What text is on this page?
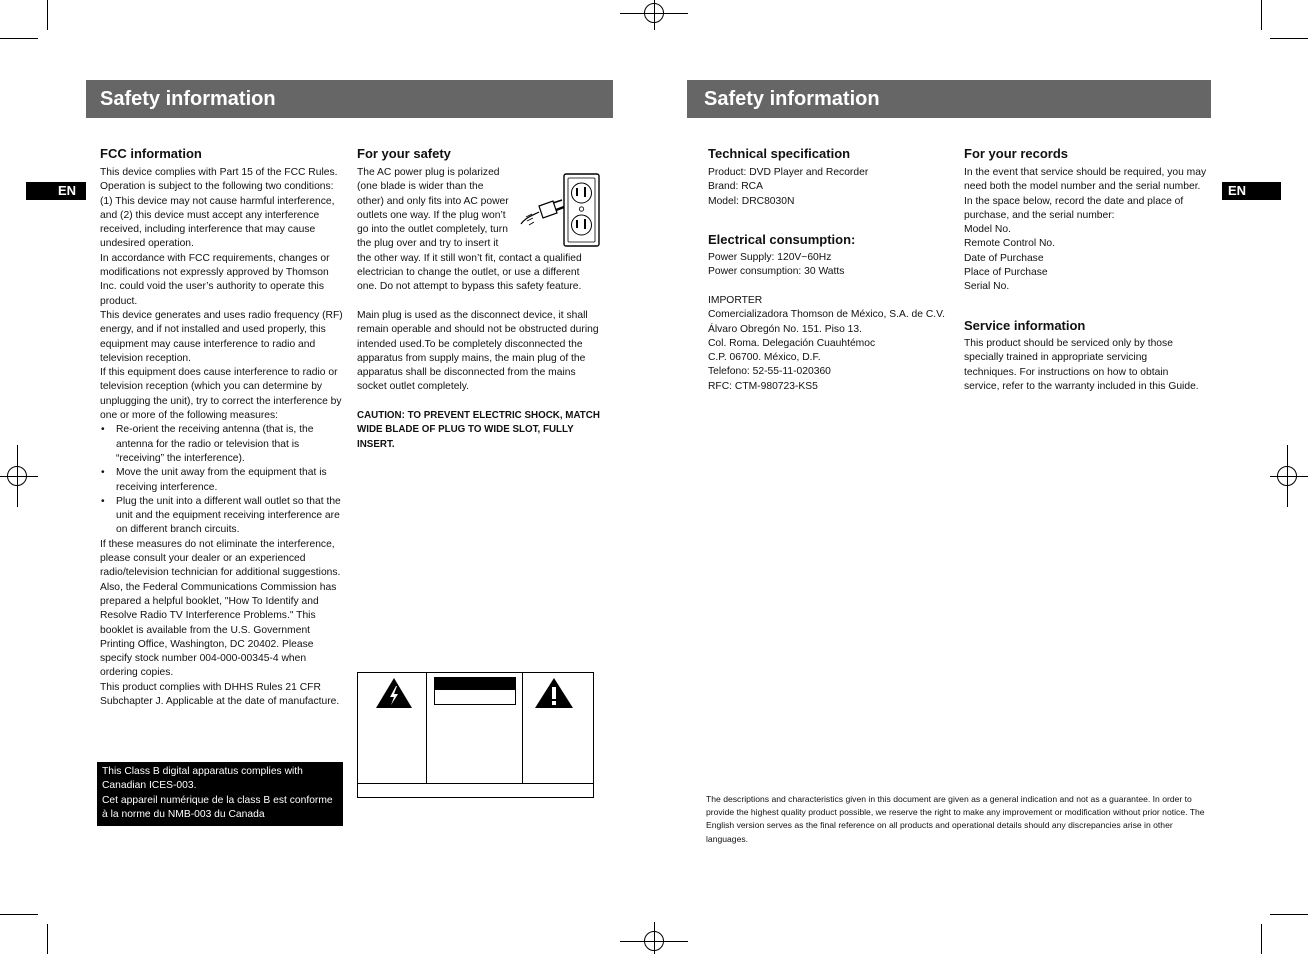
Safety information
EN
FCC information

This device complies with Part 15 of the FCC Rules. Operation is subject to the following two conditions: (1) This device may not cause harmful interference, and (2) this device must accept any interference received, including interference that may cause undesired operation.

In accordance with FCC requirements, changes or modifications not expressly approved by Thomson Inc. could void the user’s authority to operate this product.

This device generates and uses radio frequency (RF) energy, and if not installed and used properly, this equipment may cause interference to radio and television reception.

If this equipment does cause interference to radio or television reception (which you can determine by unplugging the unit), try to correct the interference by one or more of the following measures:

• Re-orient the receiving antenna (that is, the antenna for the radio or television that is “receiving” the interference).
• Move the unit away from the equipment that is receiving interference.
• Plug the unit into a different wall outlet so that the unit and the equipment receiving interference are on different branch circuits.

If these measures do not eliminate the interference, please consult your dealer or an experienced radio/television technician for additional suggestions. Also, the Federal Communications Commission has prepared a helpful booklet, "How To Identify and Resolve Radio TV Interference Problems." This booklet is available from the U.S. Government Printing Office, Washington, DC 20402. Please specify stock number 004-000-00345-4 when ordering copies.

This product complies with DHHS Rules 21 CFR Subchapter J. Applicable at the date of manufacture.

This Class B digital apparatus complies with Canadian ICES-003.
Cet appareil numérique de la class B est conforme à la norme du NMB-003 du Canada
For your safety

The AC power plug is polarized (one blade is wider than the other) and only fits into AC power outlets one way. If the plug won’t go into the outlet completely, turn the plug over and try to insert it the other way. If it still won’t fit, contact a qualified electrician to change the outlet, or use a different one. Do not attempt to bypass this safety feature.

Main plug is used as the disconnect device, it shall remain operable and should not be obstructed during intended used.To be completely disconnected the apparatus from supply mains, the main plug of the apparatus shall be disconnected from the mains socket outlet completely.

CAUTION: TO PREVENT ELECTRIC SHOCK, MATCH WIDE BLADE OF PLUG TO WIDE SLOT, FULLY INSERT.

Safety information
EN
Technical specification
Product: DVD Player and Recorder
Brand: RCA
Model: DRC8030N
Electrical consumption:
Power Supply: 120V~60Hz
Power consumption: 30 Watts
IMPORTER
Comercializadora Thomson de México, S.A. de C.V.
Álvaro Obregón No. 151. Piso 13.
Col. Roma. Delegación Cuauhtémoc
C.P. 06700. México, D.F.
Telefono: 52-55-11-020360
RFC: CTM-980723-KS5
For your records

In the event that service should be required, you may need both the model number and the serial number. In the space below, record the date and place of purchase, and the serial number:

Model No.
Remote Control No.
Date of Purchase
Place of Purchase
Serial No.
Service information

This product should be serviced only by those specially trained in appropriate servicing techniques. For instructions on how to obtain service, refer to the warranty included in this Guide.

The descriptions and characteristics given in this document are given as a general indication and not as a guarantee. In order to provide the highest quality product possible, we reserve the right to make any improvement or modification without prior notice. The English version serves as the final reference on all products and operational details should any discrepancies arise in other languages.
